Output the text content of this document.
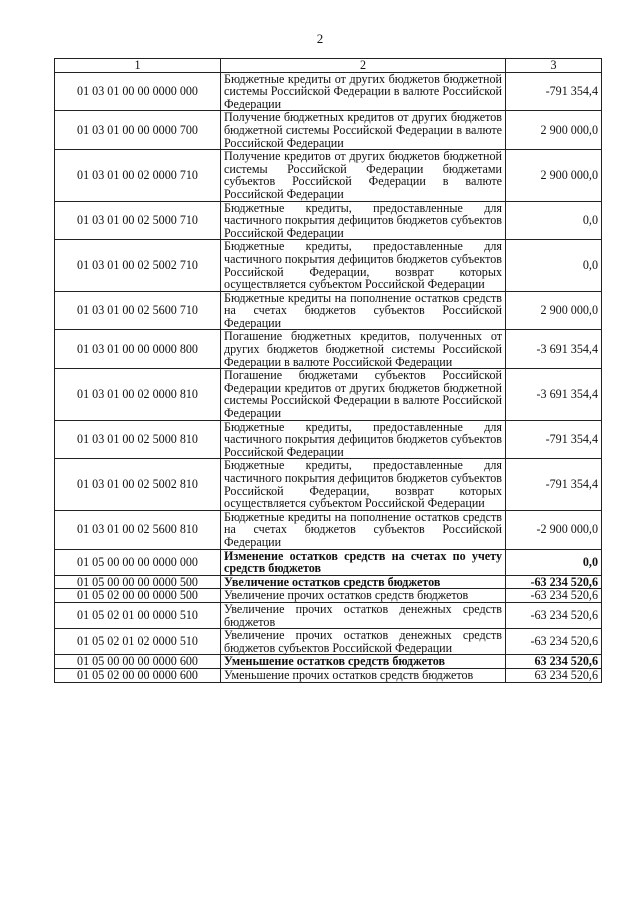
2
1	2	3
01 03 01 00 00 0000 000	Бюджетные кредиты от других бюджетов бюджетной системы Российской Федерации в валюте Российской Федерации	-791 354,4
01 03 01 00 00 0000 700	Получение бюджетных кредитов от других бюджетов бюджетной системы Российской Федерации в валюте Российской Федерации	2 900 000,0
01 03 01 00 02 0000 710	Получение кредитов от других бюджетов бюджетной системы Российской Федерации бюджетами субъектов Российской Федерации в валюте Российской Федерации	2 900 000,0
01 03 01 00 02 5000 710	Бюджетные кредиты, предоставленные для частичного покрытия дефицитов бюджетов субъектов Российской Федерации	0,0
01 03 01 00 02 5002 710	Бюджетные кредиты, предоставленные для частичного покрытия дефицитов бюджетов субъектов Российской Федерации, возврат которых осуществляется субъектом Российской Федерации	0,0
01 03 01 00 02 5600 710	Бюджетные кредиты на пополнение остатков средств на счетах бюджетов субъектов Российской Федерации	2 900 000,0
01 03 01 00 00 0000 800	Погашение бюджетных кредитов, полученных от других бюджетов бюджетной системы Российской Федерации в валюте Российской Федерации	-3 691 354,4
01 03 01 00 02 0000 810	Погашение бюджетами субъектов Российской Федерации кредитов от других бюджетов бюджетной системы Российской Федерации в валюте Российской Федерации	-3 691 354,4
01 03 01 00 02 5000 810	Бюджетные кредиты, предоставленные для частичного покрытия дефицитов бюджетов субъектов Российской Федерации	-791 354,4
01 03 01 00 02 5002 810	Бюджетные кредиты, предоставленные для частичного покрытия дефицитов бюджетов субъектов Российской Федерации, возврат которых осуществляется субъектом Российской Федерации	-791 354,4
01 03 01 00 02 5600 810	Бюджетные кредиты на пополнение остатков средств на счетах бюджетов субъектов Российской Федерации	-2 900 000,0
01 05 00 00 00 0000 000	Изменение остатков средств на счетах по учету средств бюджетов	0,0
01 05 00 00 00 0000 500	Увеличение остатков средств бюджетов	-63 234 520,6
01 05 02 00 00 0000 500	Увеличение прочих остатков средств бюджетов	-63 234 520,6
01 05 02 01 00 0000 510	Увеличение прочих остатков денежных средств бюджетов	-63 234 520,6
01 05 02 01 02 0000 510	Увеличение прочих остатков денежных средств бюджетов субъектов Российской Федерации	-63 234 520,6
01 05 00 00 00 0000 600	Уменьшение остатков средств бюджетов	63 234 520,6
01 05 02 00 00 0000 600	Уменьшение прочих остатков средств бюджетов	63 234 520,6
